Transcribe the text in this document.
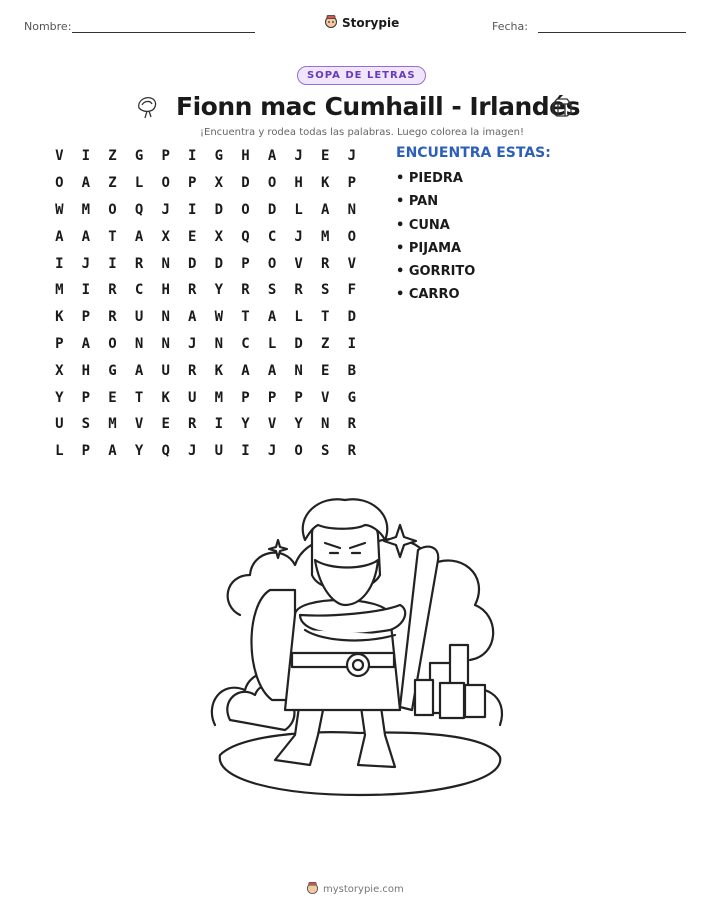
Nombre:	Storypie	Fecha:
SOPA DE LETRAS
Fionn mac Cumhaill - Irlandés
¡Encuentra y rodea todas las palabras. Luego colorea la imagen!
V	I	Z	G	P	I	G	H	A	J	E	J
O	A	Z	L	O	P	X	D	O	H	K	P
W	M	O	Q	J	I	D	O	D	L	A	N
A	A	T	A	X	E	X	Q	C	J	M	O
I	J	I	R	N	D	D	P	O	V	R	V
M	I	R	C	H	R	Y	R	S	R	S	F
K	P	R	U	N	A	W	T	A	L	T	D
P	A	O	N	N	J	N	C	L	D	Z	I
X	H	G	A	U	R	K	A	A	N	E	B
Y	P	E	T	K	U	M	P	P	P	V	G
U	S	M	V	E	R	I	Y	V	Y	N	R
L	P	A	Y	Q	J	U	I	J	O	S	R
ENCUENTRA ESTAS:
• PIEDRA
• PAN
• CUNA
• PIJAMA
• GORRITO
• CARRO
mystorypie.com
